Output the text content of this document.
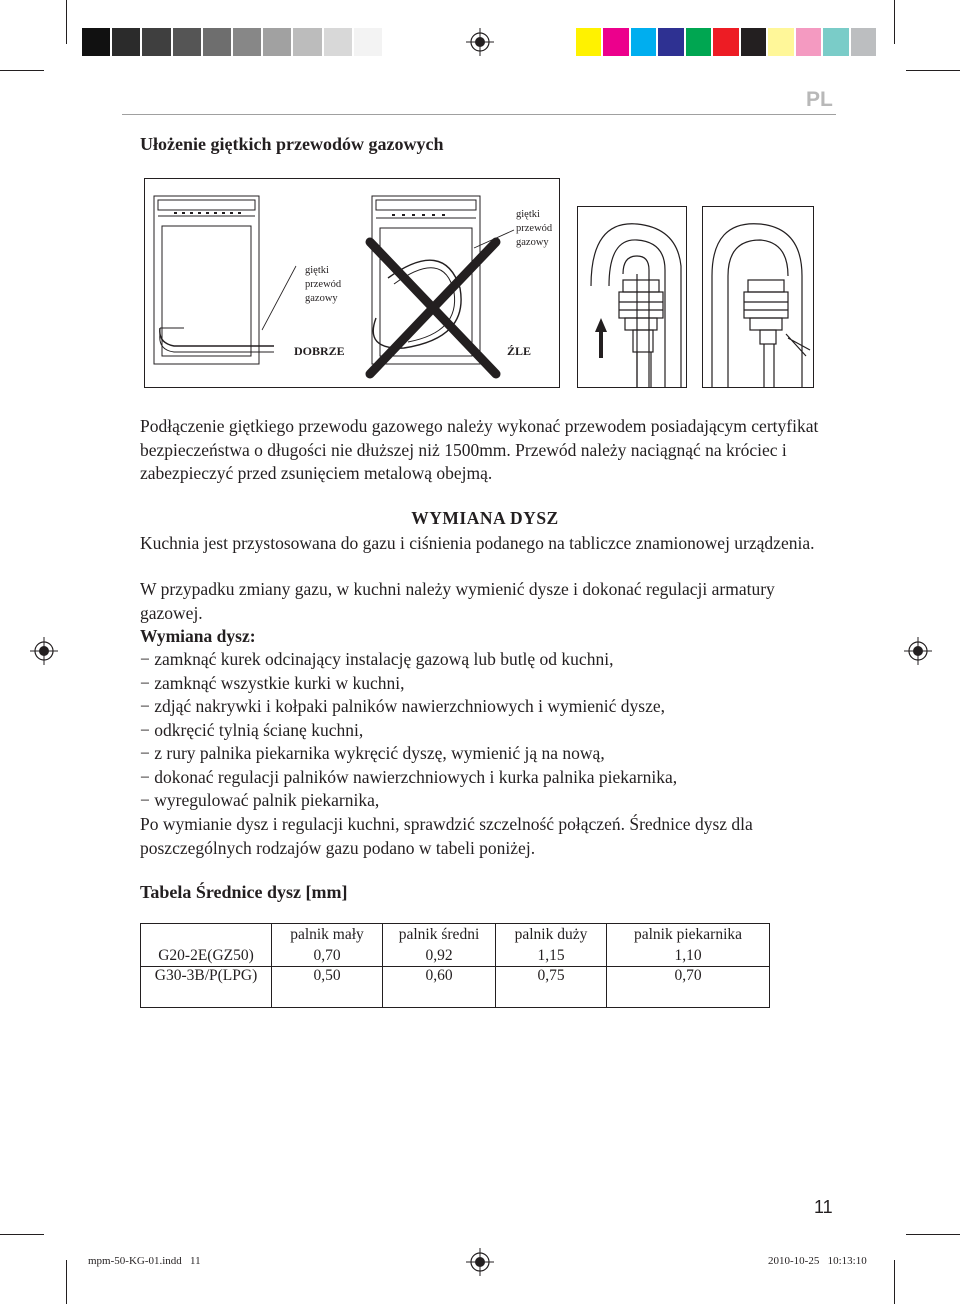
PL
Ułożenie giętkich przewodów gazowych
giętki
przewód
gazowy
giętki
przewód
gazowy
DOBRZE	ŹLE
Podłączenie giętkiego przewodu gazowego należy wykonać przewodem posiadającym certyfikat bezpieczeństwa o długości nie dłuższej niż 1500mm. Przewód należy naciągnąć na króciec i zabezpieczyć przed zsunięciem metalową obejmą.
WYMIANA DYSZ
Kuchnia jest przystosowana do gazu i ciśnienia podanego na tabliczce znamionowej urządzenia.
W przypadku zmiany gazu, w kuchni należy wymienić dysze i dokonać regulacji armatury gazowej.
Wymiana dysz:
− zamknąć kurek odcinający instalację gazową lub butlę od kuchni,
− zamknąć wszystkie kurki w kuchni,
− zdjąć nakrywki i kołpaki palników nawierzchniowych i wymienić dysze,
− odkręcić tylnią ścianę kuchni,
− z rury palnika piekarnika wykręcić dyszę, wymienić ją na nową,
− dokonać regulacji palników nawierzchniowych i kurka palnika piekarnika,
− wyregulować palnik piekarnika,
Po wymianie dysz i regulacji kuchni, sprawdzić szczelność połączeń. Średnice dysz dla poszczególnych rodzajów gazu podano w tabeli poniżej.
Tabela Średnice dysz [mm]
	palnik mały	palnik średni	palnik duży	palnik piekarnika
G20-2E(GZ50)	0,70	0,92	1,15	1,10
G30-3B/P(LPG)	0,50	0,60	0,75	0,70
11
mpm-50-KG-01.indd   11	2010-10-25   10:13:10
